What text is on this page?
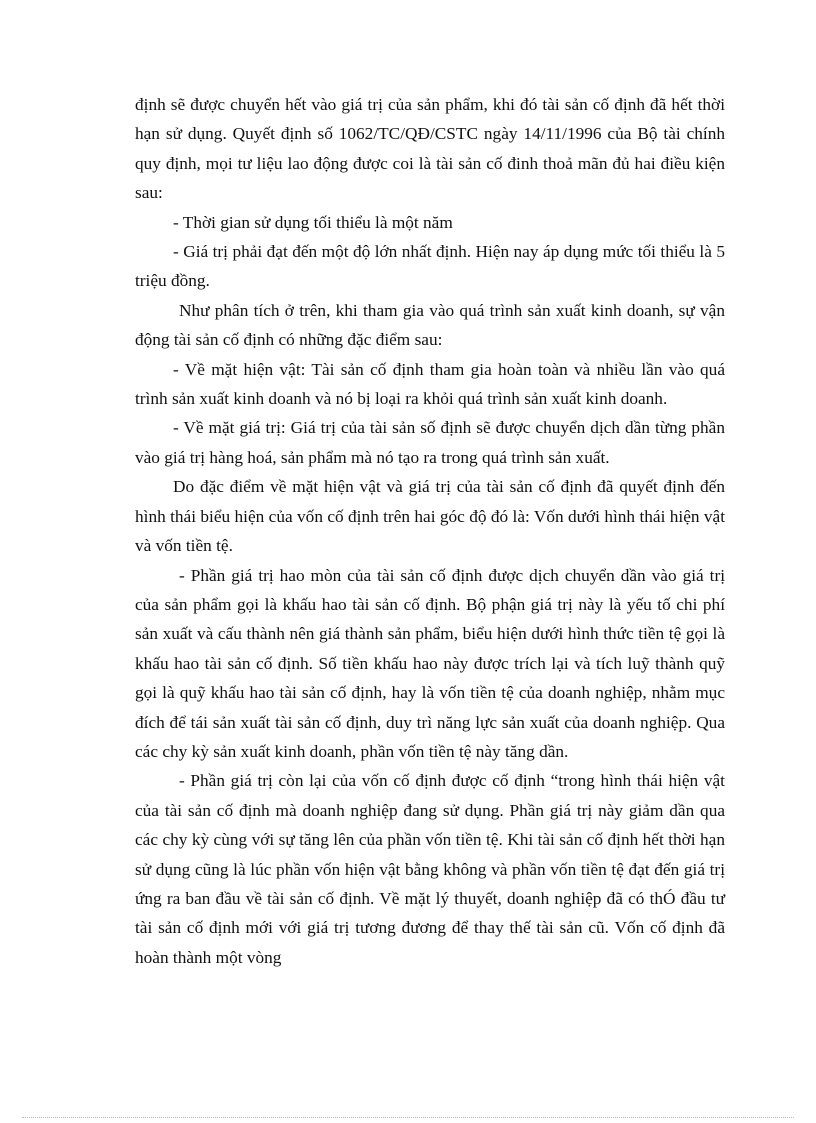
định sẽ được chuyển hết vào giá trị của sản phẩm, khi đó tài sản cố định đã hết thời hạn sử dụng. Quyết định số 1062/TC/QĐ/CSTC ngày 14/11/1996 của Bộ tài chính quy định, mọi tư liệu lao động được coi là tài sản cố đinh thoả mãn đủ hai điều kiện sau:

- Thời gian sử dụng tối thiểu là một năm

- Giá trị phải đạt đến một độ lớn nhất định. Hiện nay áp dụng mức tối thiểu là 5 triệu đồng.

Như phân tích ở trên, khi tham gia vào quá trình sản xuất kinh doanh, sự vận động tài sản cố định có những đặc điểm sau:

- Về mặt hiện vật: Tài sản cố định tham gia hoàn toàn và nhiều lần vào quá trình sản xuất kinh doanh và nó bị loại ra khỏi quá trình sản xuất kinh doanh.

- Về mặt giá trị: Giá trị của tài sản số định sẽ được chuyển dịch dần từng phần vào giá trị hàng hoá, sản phẩm mà nó tạo ra trong quá trình sản xuất.

Do đặc điểm về mặt hiện vật và giá trị của tài sản cố định đã quyết định đến hình thái biểu hiện của vốn cố định trên hai góc độ đó là: Vốn dưới hình thái hiện vật và vốn tiền tệ.

- Phần giá trị hao mòn của tài sản cố định được dịch chuyển dần vào giá trị của sản phẩm gọi là khấu hao tài sản cố định. Bộ phận giá trị này là yếu tố chi phí sản xuất và cấu thành nên giá thành sản phẩm, biểu hiện dưới hình thức tiền tệ gọi là khấu hao tài sản cố định. Số tiền khấu hao này được trích lại và tích luỹ thành quỹ gọi là quỹ khấu hao tài sản cố định, hay là vốn tiền tệ của doanh nghiệp, nhằm mục đích để tái sản xuất tài sản cố định, duy trì năng lực sản xuất của doanh nghiệp. Qua các chy kỳ sản xuất kinh doanh, phần vốn tiền tệ này tăng dần.

- Phần giá trị còn lại của vốn cố định được cố định “trong hình thái hiện vật của tài sản cố định mà doanh nghiệp đang sử dụng. Phần giá trị này giảm dần qua các chy kỳ cùng với sự tăng lên của phần vốn tiền tệ. Khi tài sản cố định hết thời hạn sử dụng cũng là lúc phần vốn hiện vật bằng không và phần vốn tiền tệ đạt đến giá trị ứng ra ban đầu về tài sản cố định. Về mặt lý thuyết, doanh nghiệp đã có thÓ đầu tư tài sản cố định mới với giá trị tương đương để thay thế tài sản cũ. Vốn cố định đã hoàn thành một vòng
